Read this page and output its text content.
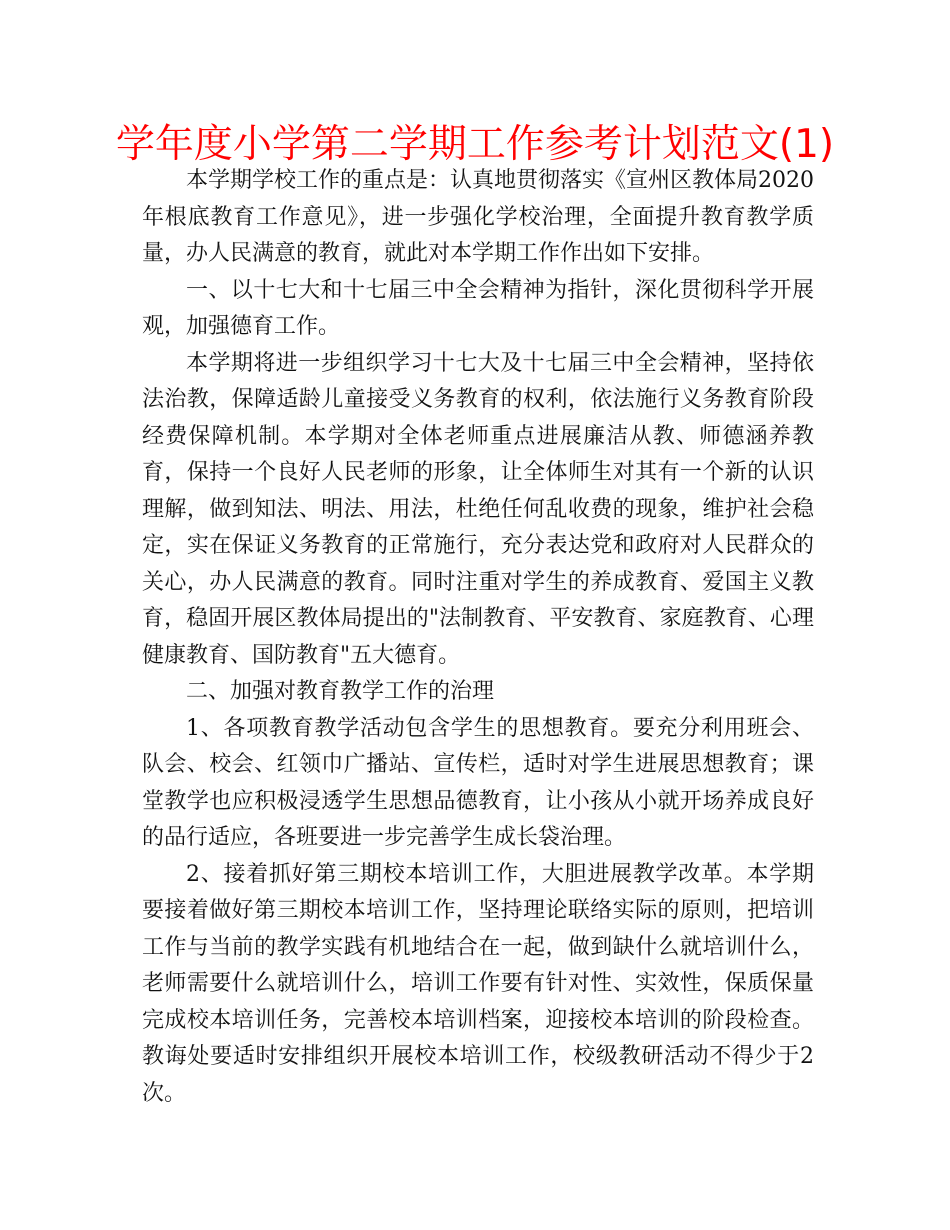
学年度小学第二学期工作参考计划范文(1)

本学期学校工作的重点是：认真地贯彻落实《宣州区教体局2020年根底教育工作意见》，进一步强化学校治理，全面提升教育教学质量，办人民满意的教育，就此对本学期工作作出如下安排。

一、以十七大和十七届三中全会精神为指针，深化贯彻科学开展观，加强德育工作。

本学期将进一步组织学习十七大及十七届三中全会精神，坚持依法治教，保障适龄儿童接受义务教育的权利，依法施行义务教育阶段经费保障机制。本学期对全体老师重点进展廉洁从教、师德涵养教育，保持一个良好人民老师的形象，让全体师生对其有一个新的认识理解，做到知法、明法、用法，杜绝任何乱收费的现象，维护社会稳定，实在保证义务教育的正常施行，充分表达党和政府对人民群众的关心，办人民满意的教育。同时注重对学生的养成教育、爱国主义教育，稳固开展区教体局提出的"法制教育、平安教育、家庭教育、心理健康教育、国防教育"五大德育。

二、加强对教育教学工作的治理

1、各项教育教学活动包含学生的思想教育。要充分利用班会、队会、校会、红领巾广播站、宣传栏，适时对学生进展思想教育；课堂教学也应积极浸透学生思想品德教育，让小孩从小就开场养成良好的品行适应，各班要进一步完善学生成长袋治理。

2、接着抓好第三期校本培训工作，大胆进展教学改革。本学期要接着做好第三期校本培训工作，坚持理论联络实际的原则，把培训工作与当前的教学实践有机地结合在一起，做到缺什么就培训什么，老师需要什么就培训什么，培训工作要有针对性、实效性，保质保量完成校本培训任务，完善校本培训档案，迎接校本培训的阶段检查。教诲处要适时安排组织开展校本培训工作，校级教研活动不得少于2次。
